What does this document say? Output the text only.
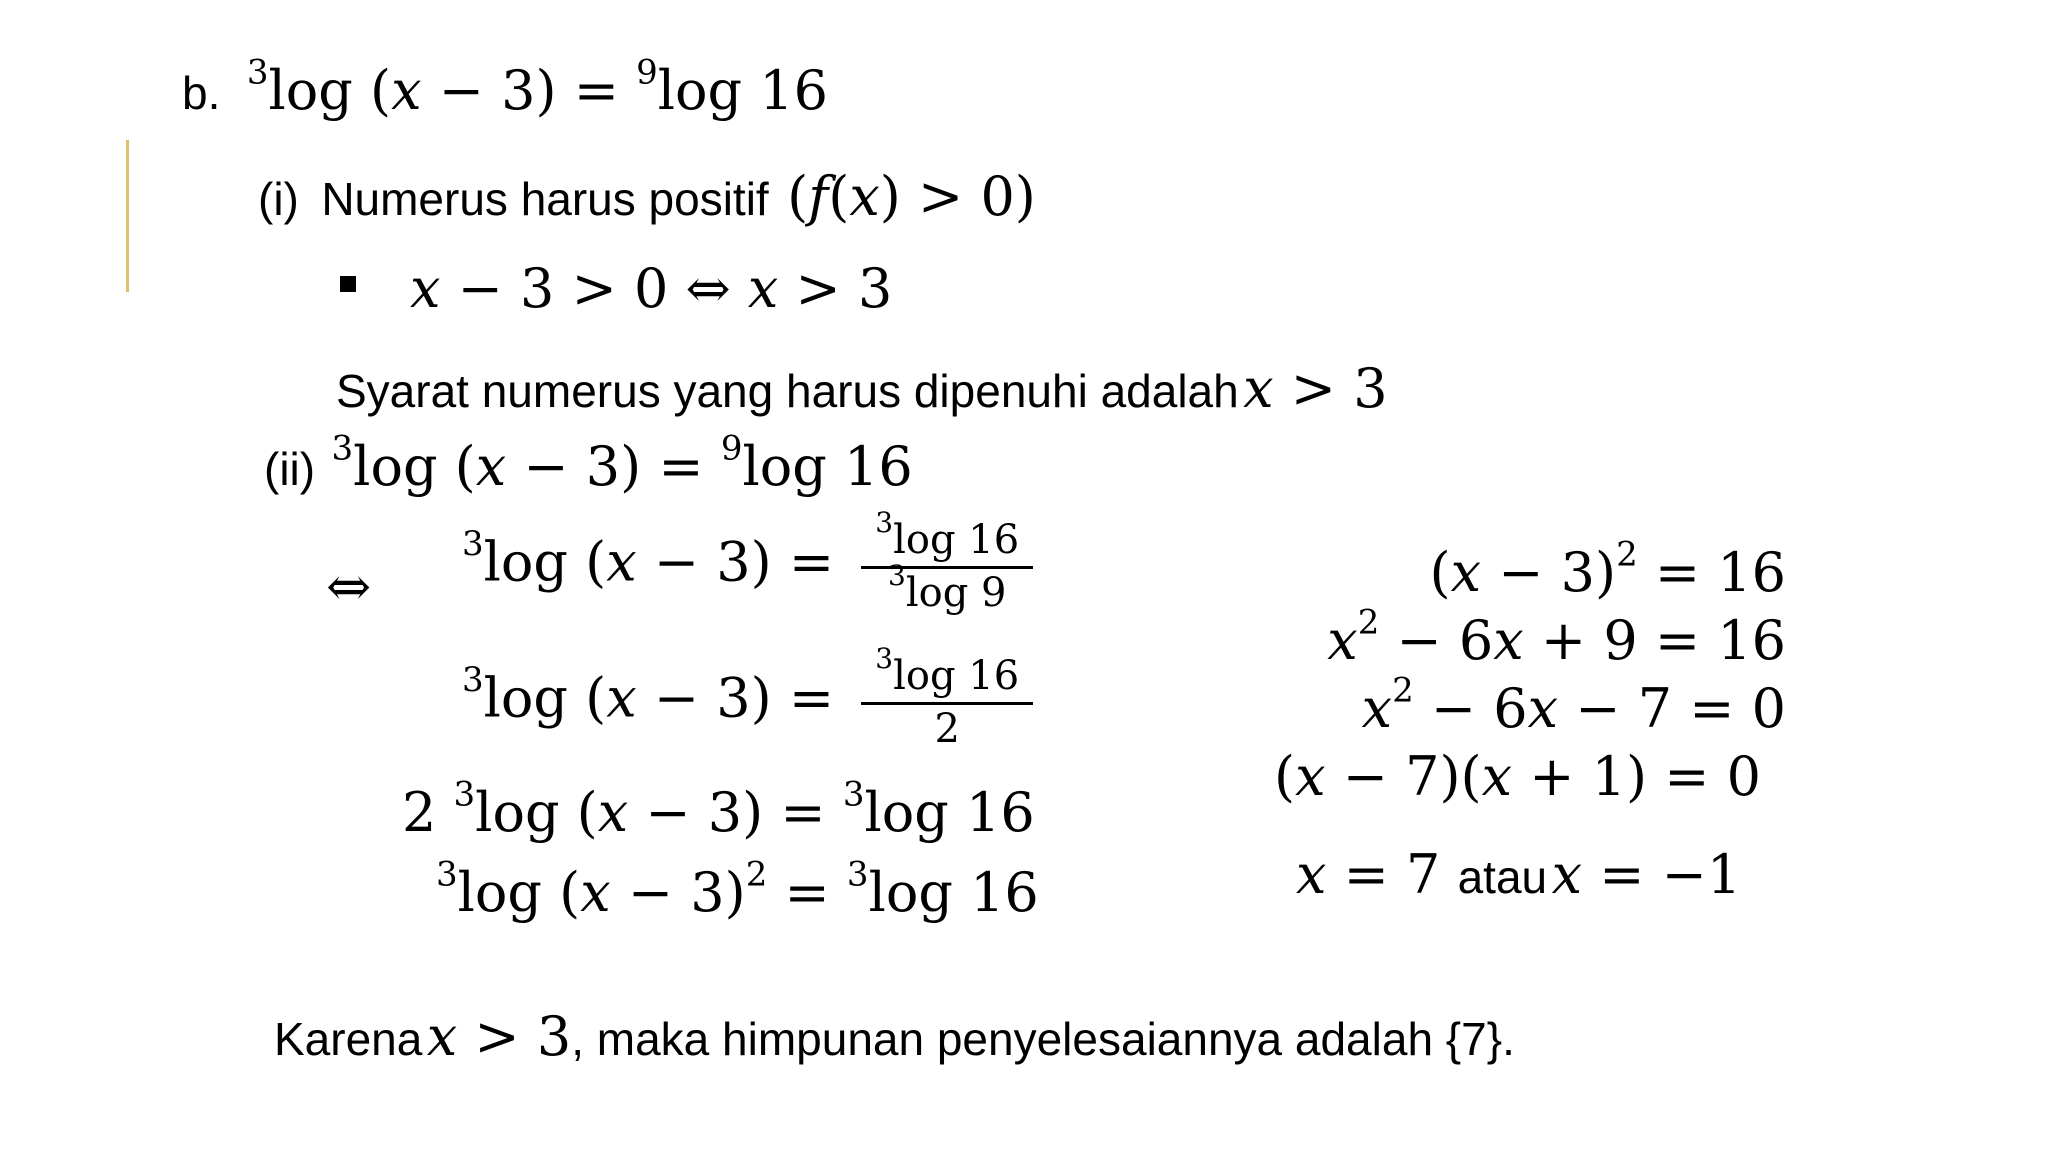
b. $^3$log (x − 3) = $^9$log 16
(i) Numerus harus positif (f(x) > 0)
x − 3 > 0 ⇔ x > 3
Syarat numerus yang harus dipenuhi adalah x > 3
(ii) $^3$log (x − 3) = $^9$log 16
⇔
$^3$log $(x - 3) = \frac{^3\log 16}{^3\log 9}$
$^3$log $(x - 3) = \frac{^3\log 16}{2}$
2 $^3$log (x − 3) = $^3$log 16
$^3$log $(x - 3)^2 = ^3\log$ 16
$(x - 3)^2 = 16$
$x^2 - 6x + 9 = 16$
$x^2 - 6x - 7 = 0$
(x − 7)(x + 1) = 0
x = 7 atau x = −1
Karena x > 3, maka himpunan penyelesaiannya adalah {7}.
